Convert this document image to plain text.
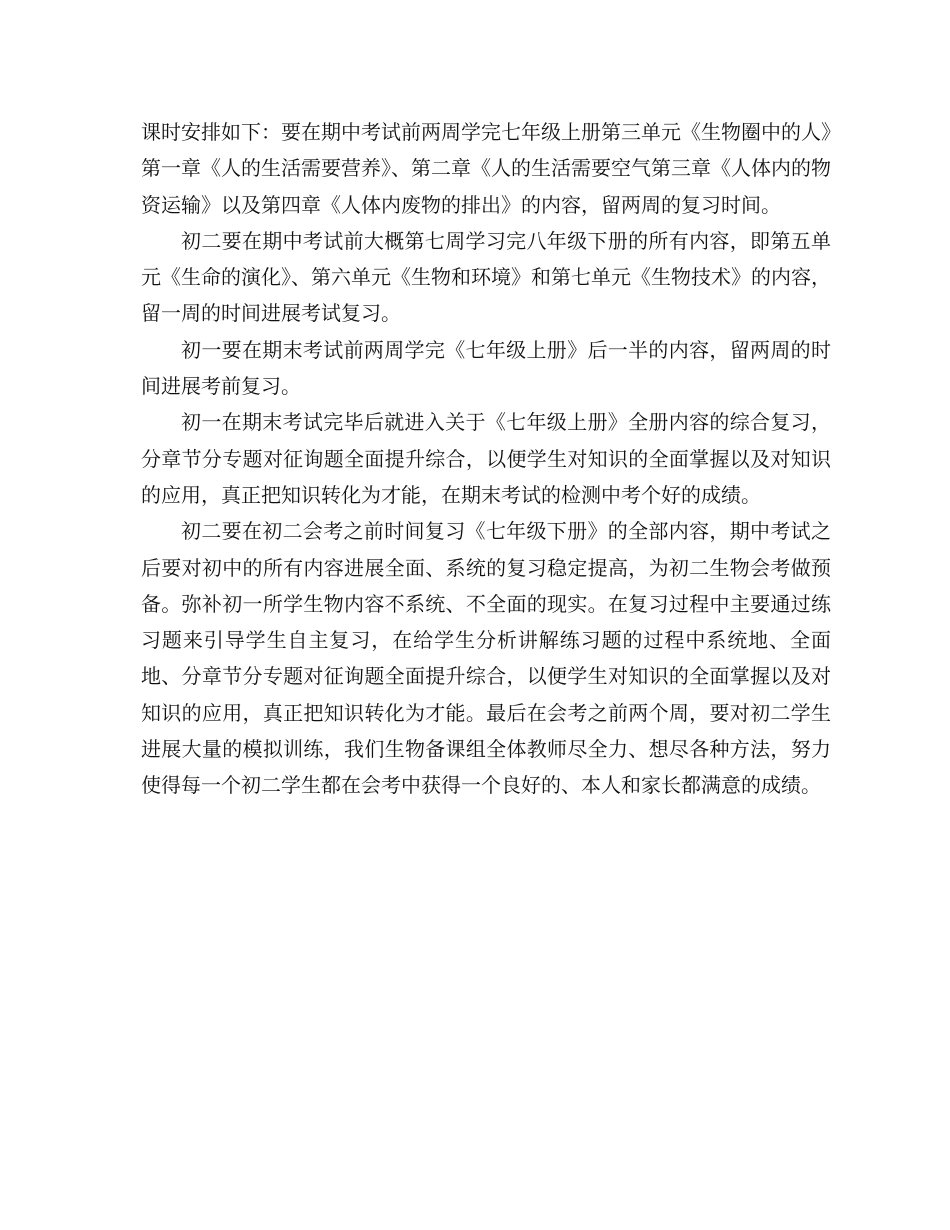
课时安排如下：要在期中考试前两周学完七年级上册第三单元《生物圈中的人》第一章《人的生活需要营养》、第二章《人的生活需要空气第三章《人体内的物资运输》以及第四章《人体内废物的排出》的内容，留两周的复习时间。

初二要在期中考试前大概第七周学习完八年级下册的所有内容，即第五单元《生命的演化》、第六单元《生物和环境》和第七单元《生物技术》的内容，留一周的时间进展考试复习。

初一要在期末考试前两周学完《七年级上册》后一半的内容，留两周的时间进展考前复习。

初一在期末考试完毕后就进入关于《七年级上册》全册内容的综合复习，分章节分专题对征询题全面提升综合，以便学生对知识的全面掌握以及对知识的应用，真正把知识转化为才能，在期末考试的检测中考个好的成绩。

初二要在初二会考之前时间复习《七年级下册》的全部内容，期中考试之后要对初中的所有内容进展全面、系统的复习稳定提高，为初二生物会考做预备。弥补初一所学生物内容不系统、不全面的现实。在复习过程中主要通过练习题来引导学生自主复习，在给学生分析讲解练习题的过程中系统地、全面地、分章节分专题对征询题全面提升综合，以便学生对知识的全面掌握以及对知识的应用，真正把知识转化为才能。最后在会考之前两个周，要对初二学生进展大量的模拟训练，我们生物备课组全体教师尽全力、想尽各种方法，努力使得每一个初二学生都在会考中获得一个良好的、本人和家长都满意的成绩。
